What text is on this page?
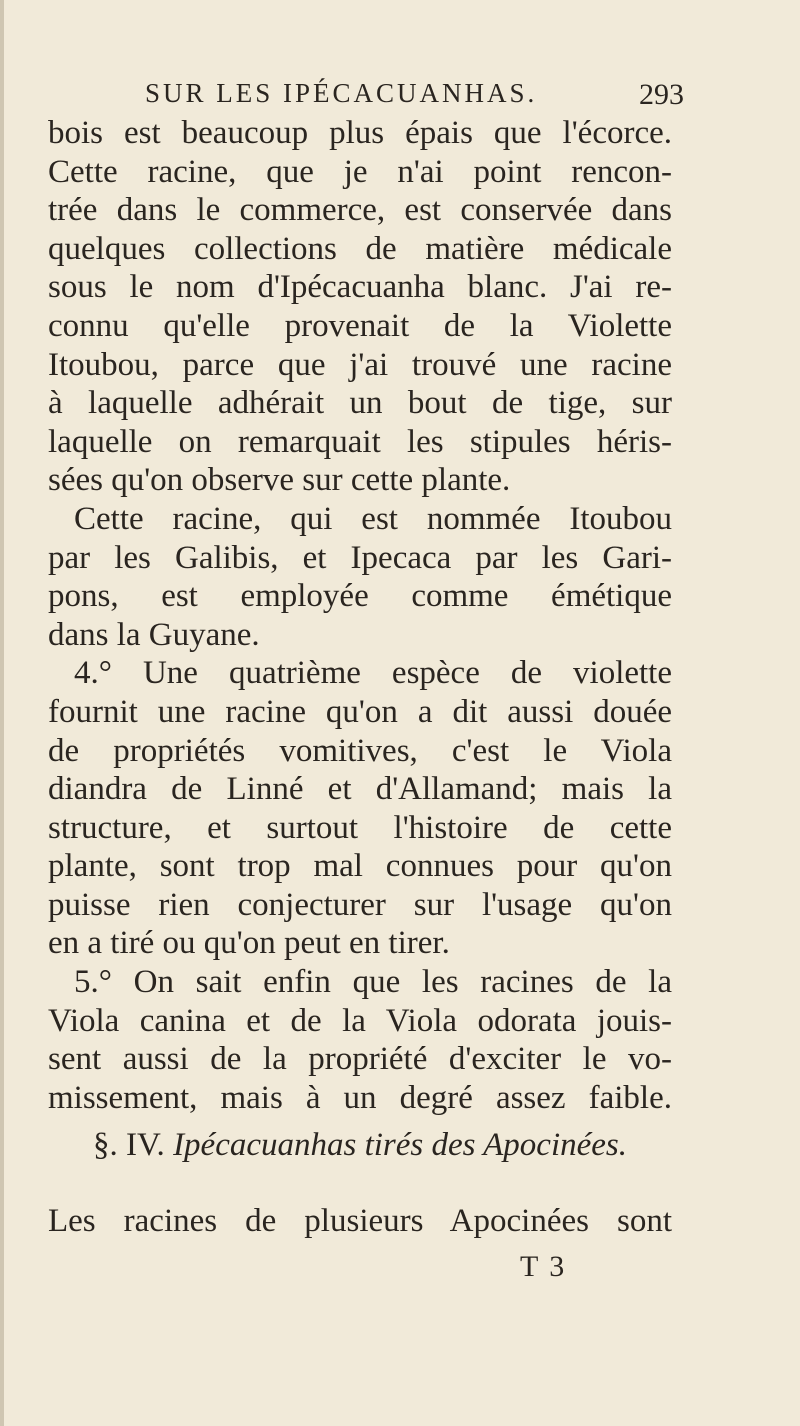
SUR LES IPÉCACUANHAS.	293
bois est beaucoup plus épais que l'écorce.
Cette racine, que je n'ai point rencon-
trée dans le commerce, est conservée dans
quelques collections de matière médicale
sous le nom d'Ipécacuanha blanc. J'ai re-
connu qu'elle provenait de la Violette
Itoubou, parce que j'ai trouvé une racine
à laquelle adhérait un bout de tige, sur
laquelle on remarquait les stipules héris-
sées qu'on observe sur cette plante.
Cette racine, qui est nommée Itoubou
par les Galibis, et Ipecaca par les Gari-
pons, est employée comme émétique
dans la Guyane.
4.° Une quatrième espèce de violette
fournit une racine qu'on a dit aussi douée
de propriétés vomitives, c'est le Viola
diandra de Linné et d'Allamand; mais la
structure, et surtout l'histoire de cette
plante, sont trop mal connues pour qu'on
puisse rien conjecturer sur l'usage qu'on
en a tiré ou qu'on peut en tirer.
5.° On sait enfin que les racines de la
Viola canina et de la Viola odorata jouis-
sent aussi de la propriété d'exciter le vo-
missement, mais à un degré assez faible.
§. IV. Ipécacuanhas tirés des Apocinées.
Les racines de plusieurs Apocinées sont
T 3
